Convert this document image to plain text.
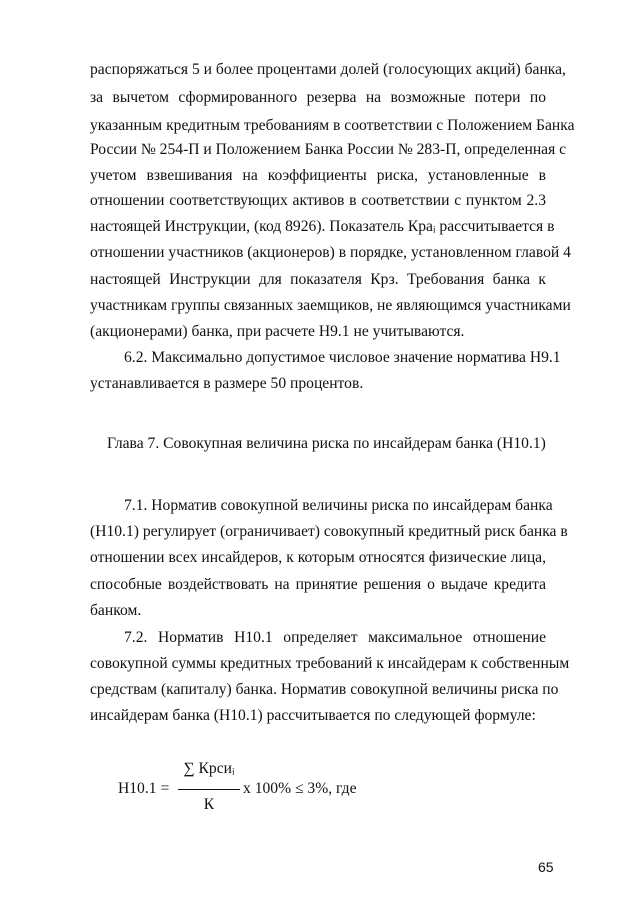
распоряжаться 5 и более процентами долей (голосующих акций) банка,
за вычетом сформированного резерва на возможные потери по
указанным кредитным требованиям в соответствии с Положением Банка
России № 254-П и Положением Банка России № 283-П, определенная с
учетом взвешивания на коэффициенты риска, установленные в
отношении соответствующих активов в соответствии с пунктом 2.3
настоящей Инструкции, (код 8926). Показатель Крaᵢ рассчитывается в
отношении участников (акционеров) в порядке, установленном главой 4
настоящей Инструкции для показателя Крз. Требования банка к
участникам группы связанных заемщиков, не являющимся участниками
(акционерами) банка, при расчете Н9.1 не учитываются.
6.2. Максимально допустимое числовое значение норматива Н9.1
устанавливается в размере 50 процентов.
Глава 7. Совокупная величина риска по инсайдерам банка (Н10.1)
7.1. Норматив совокупной величины риска по инсайдерам банка
(Н10.1) регулирует (ограничивает) совокупный кредитный риск банка в
отношении всех инсайдеров, к которым относятся физические лица,
способные воздействовать на принятие решения о выдаче кредита
банком.
7.2. Норматив Н10.1 определяет максимальное отношение
совокупной суммы кредитных требований к инсайдерам к собственным
средствам (капиталу) банка. Норматив совокупной величины риска по
инсайдерам банка (Н10.1) рассчитывается по следующей формуле:
Н10.1 =
∑ Крсиᵢ
К
х 100% ≤ 3%, где
65
